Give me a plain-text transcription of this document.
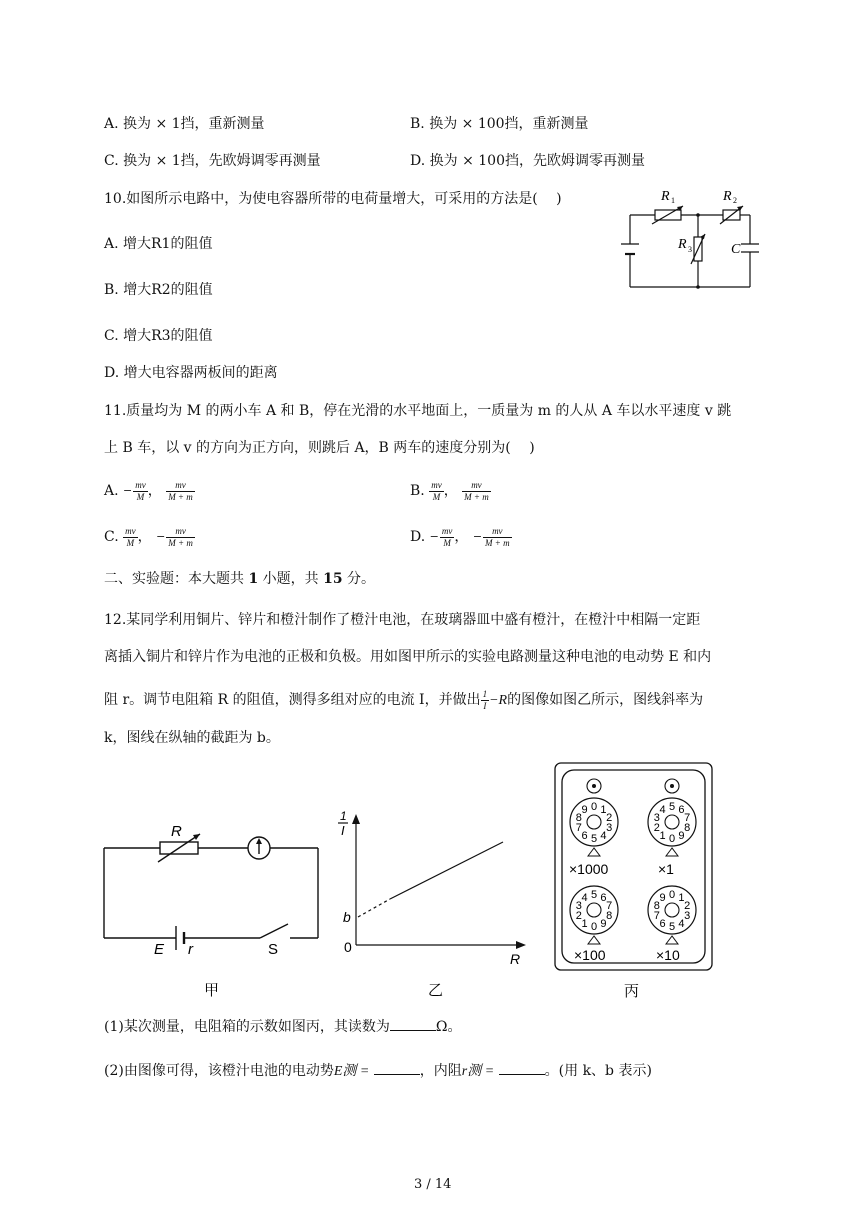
A. 换为 × 1挡，重新测量	B. 换为 × 100挡，重新测量
C. 换为 × 1挡，先欧姆调零再测量	D. 换为 × 100挡，先欧姆调零再测量
10.如图所示电路中，为使电容器所带的电荷量增大，可采用的方法是(　 )
A. 增大R1的阻值
B. 增大R2的阻值
C. 增大R3的阻值
D. 增大电容器两板间的距离
R 1	R 2
R 3	C
11.质量均为 M 的两小车 A 和 B，停在光滑的水平地面上，一质量为 m 的人从 A 车以水平速度 v 跳
上 B 车，以 v 的方向为正方向，则跳后 A，B 两车的速度分别为(　 )
A. − $\frac{mv}{M}$ ， $\frac{mv}{M + m}$	B. $\frac{mv}{M}$ ， $\frac{mv}{M + m}$
C. $\frac{mv}{M}$ ， − $\frac{mv}{M + m}$	D. − $\frac{mv}{M}$ ， − $\frac{mv}{M + m}$
二、实验题：本大题共 1 小题，共 15 分。
12.某同学利用铜片、锌片和橙汁制作了橙汁电池，在玻璃器皿中盛有橙汁，在橙汁中相隔一定距
离插入铜片和锌片作为电池的正极和负极。用如图甲所示的实验电路测量这种电池的电动势 E 和内
阻 r。调节电阻箱 R 的阻值，测得多组对应的电流 I，并做出 $\frac{1}{I} -R$的图像如图乙所示，图线斜率为
k，图线在纵轴的截距为 b。
R
E r	S
甲
1
I
b
0
R
乙
×1000	×1
×100	×10
0 1
2
3
4
5
6
7
8
9
0
1
2
3
4 5 6
7
8
9
0
1
2
3
4 5 6
7
8
9
0 1
2
3
4
5
6
7
8
9
丙
(1)某次测量，电阻箱的示数如图丙，其读数为	Ω。
(2)由图像可得，该橙汁电池的电动势E测 =	，内阻r测 =	。(用 k、b 表示)
3 / 14
